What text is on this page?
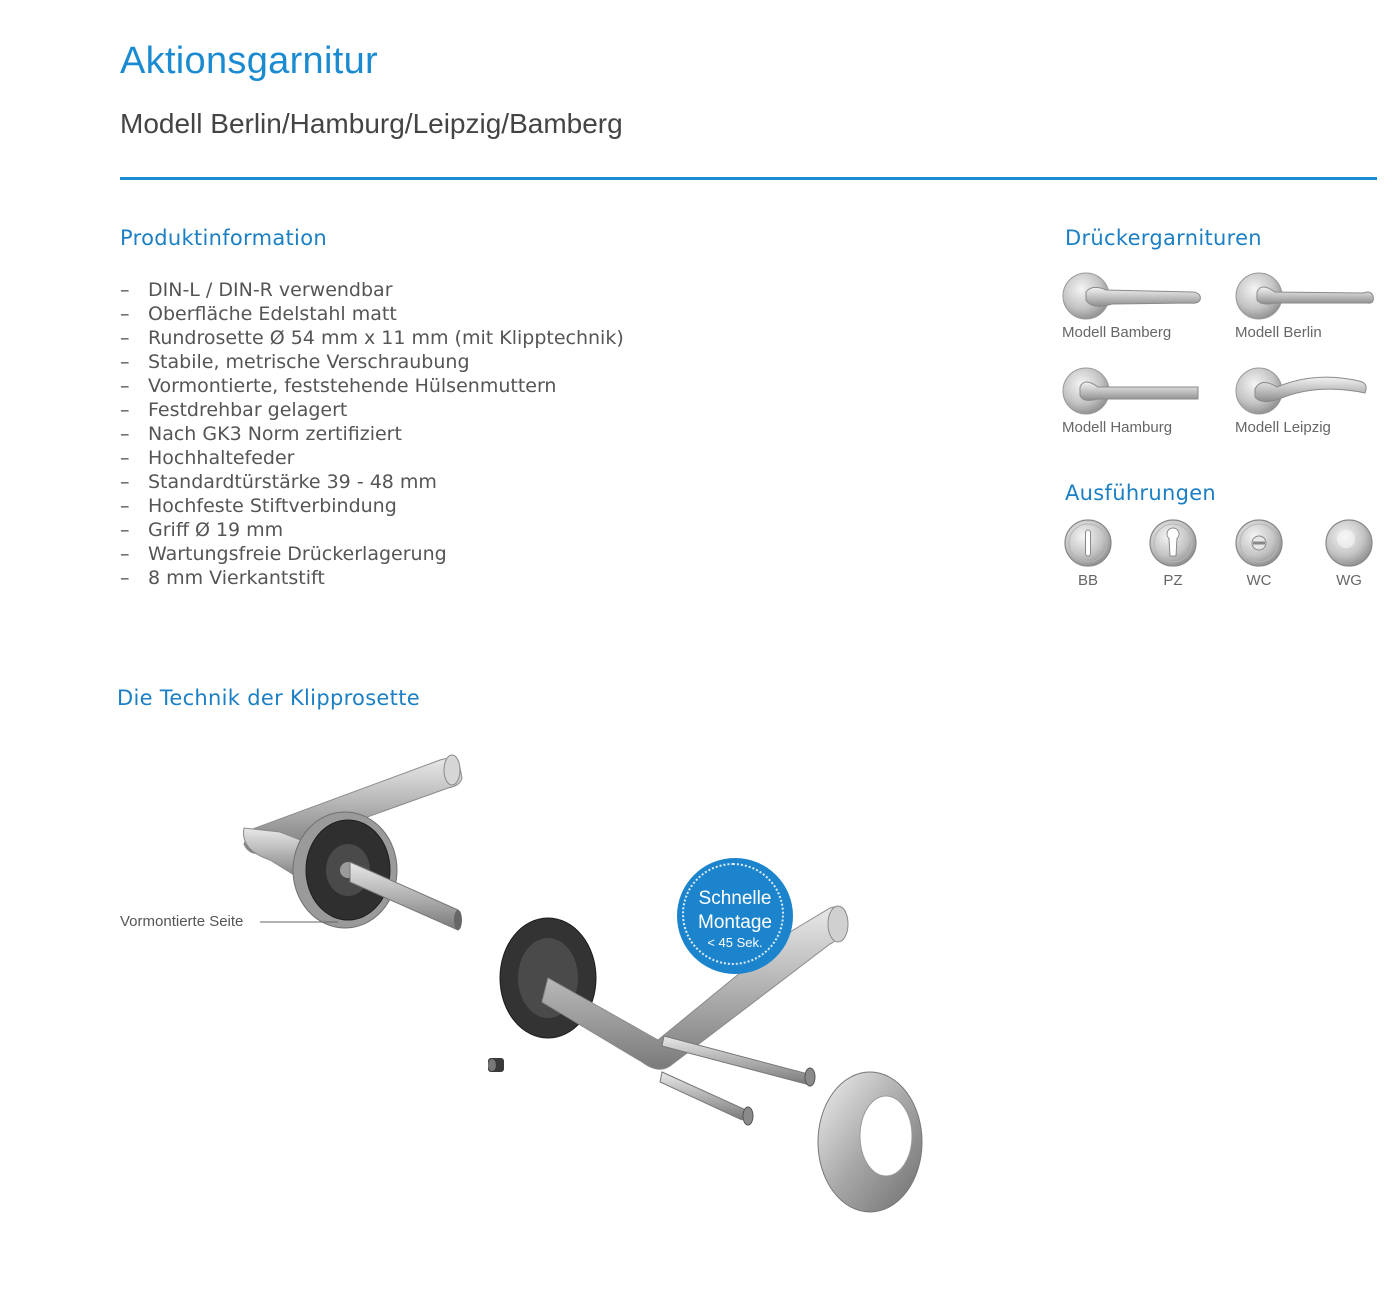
Aktionsgarnitur
Modell Berlin/Hamburg/Leipzig/Bamberg
Produktinformation
– DIN-L / DIN-R verwendbar
– Oberfläche Edelstahl matt
– Rundrosette Ø 54 mm x 11 mm (mit Klipptechnik)
– Stabile, metrische Verschraubung
– Vormontierte, feststehende Hülsenmuttern
– Festdrehbar gelagert
– Nach GK3 Norm zertifiziert
– Hochhaltefeder
– Standardtürstärke 39 - 48 mm
– Hochfeste Stiftverbindung
– Griff Ø 19 mm
– Wartungsfreie Drückerlagerung
– 8 mm Vierkantstift
Drückergarnituren
Modell Bamberg	Modell Berlin
Modell Hamburg	Modell Leipzig
Ausführungen
BB	PZ	WC	WG
Die Technik der Klipprosette
Vormontierte Seite
Schnelle
Montage
< 45 Sek.
